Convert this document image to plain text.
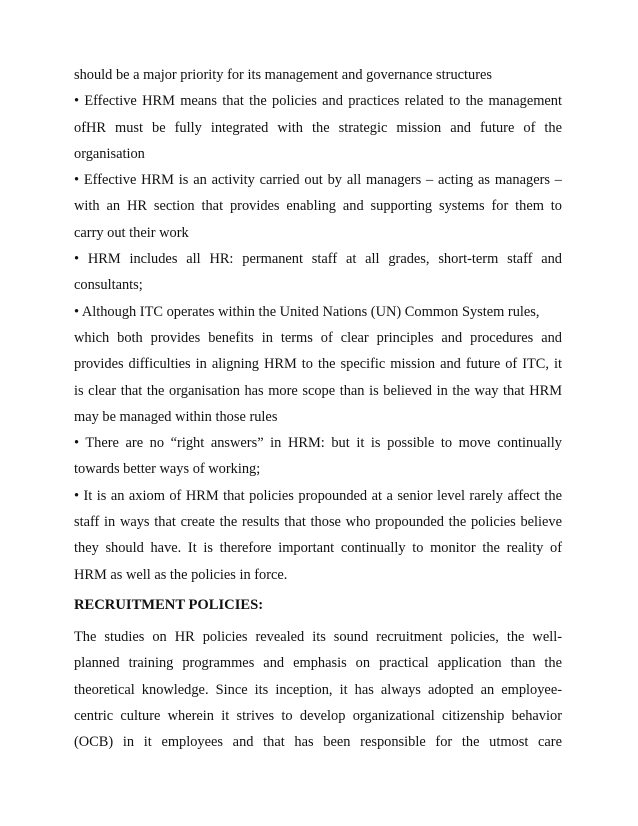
should be a major priority for its management and governance structures
• Effective HRM means that the policies and practices related to the management
ofHR must be fully integrated with the strategic mission and future of the
organisation
• Effective HRM is an activity carried out by all managers – acting as managers –
with an HR section that provides enabling and supporting systems for them to
carry out their work
• HRM includes all HR: permanent staff at all grades, short-term staff and
consultants;
• Although ITC operates within the United Nations (UN) Common System rules,
which both provides benefits in terms of clear principles and procedures and
provides difficulties in aligning HRM to the specific mission and future of ITC, it
is clear that the organisation has more scope than is believed in the way that HRM
may be managed within those rules
• There are no “right answers” in HRM: but it is possible to move continually
towards better ways of working;
• It is an axiom of HRM that policies propounded at a senior level rarely affect the
staff in ways that create the results that those who propounded the policies believe
they should have. It is therefore important continually to monitor the reality of
HRM as well as the policies in force.
RECRUITMENT POLICIES:
The studies on HR policies revealed its sound recruitment policies, the well-
planned training programmes and emphasis on practical application than the
theoretical knowledge. Since its inception, it has always adopted an employee-
centric culture wherein it strives to develop organizational citizenship behavior
(OCB) in it employees and that has been responsible for the utmost care
